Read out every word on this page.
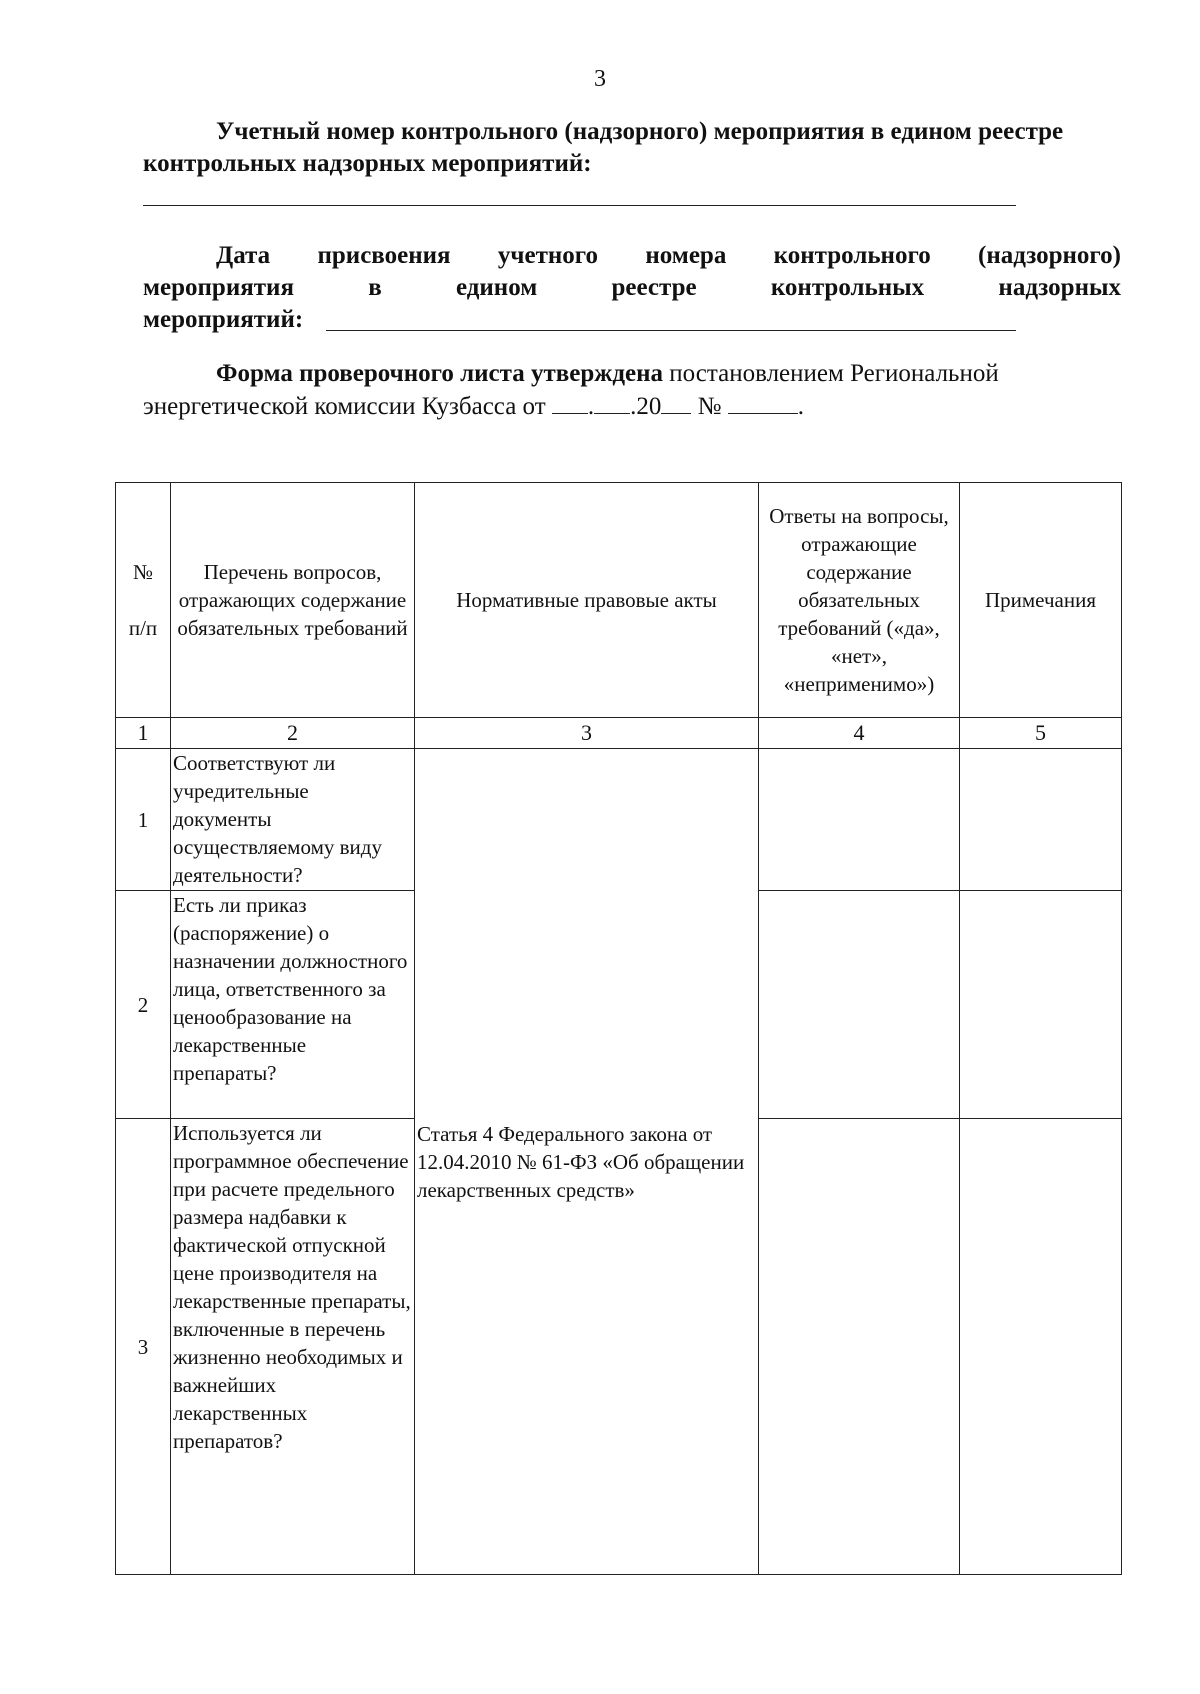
3
Учетный номер контрольного (надзорного) мероприятия в едином реестре контрольных надзорных мероприятий:
Дата присвоения учетного номера контрольного (надзорного)
мероприятия в едином реестре контрольных надзорных
мероприятий:
Форма проверочного листа утверждена постановлением Региональной энергетической комиссии Кузбасса от . .20 №	.
№

п/п	Перечень вопросов, отражающих содержание обязательных требований	Нормативные правовые акты	Ответы на вопросы, отражающие содержание обязательных требований («да», «нет», «неприменимо»)	Примечания
1	2	3	4	5
1	Соответствуют ли учредительные документы осуществляемому виду деятельности?	Статья 4 Федерального закона от 12.04.2010 № 61-ФЗ «Об обращении лекарственных средств»		
2	Есть ли приказ (распоряжение) о назначении должностного лица, ответственного за ценообразование на лекарственные препараты?			
3	Используется ли программное обеспечение при расчете предельного размера надбавки к фактической отпускной цене производителя на лекарственные препараты, включенные в перечень жизненно необходимых и важнейших лекарственных препаратов?			
